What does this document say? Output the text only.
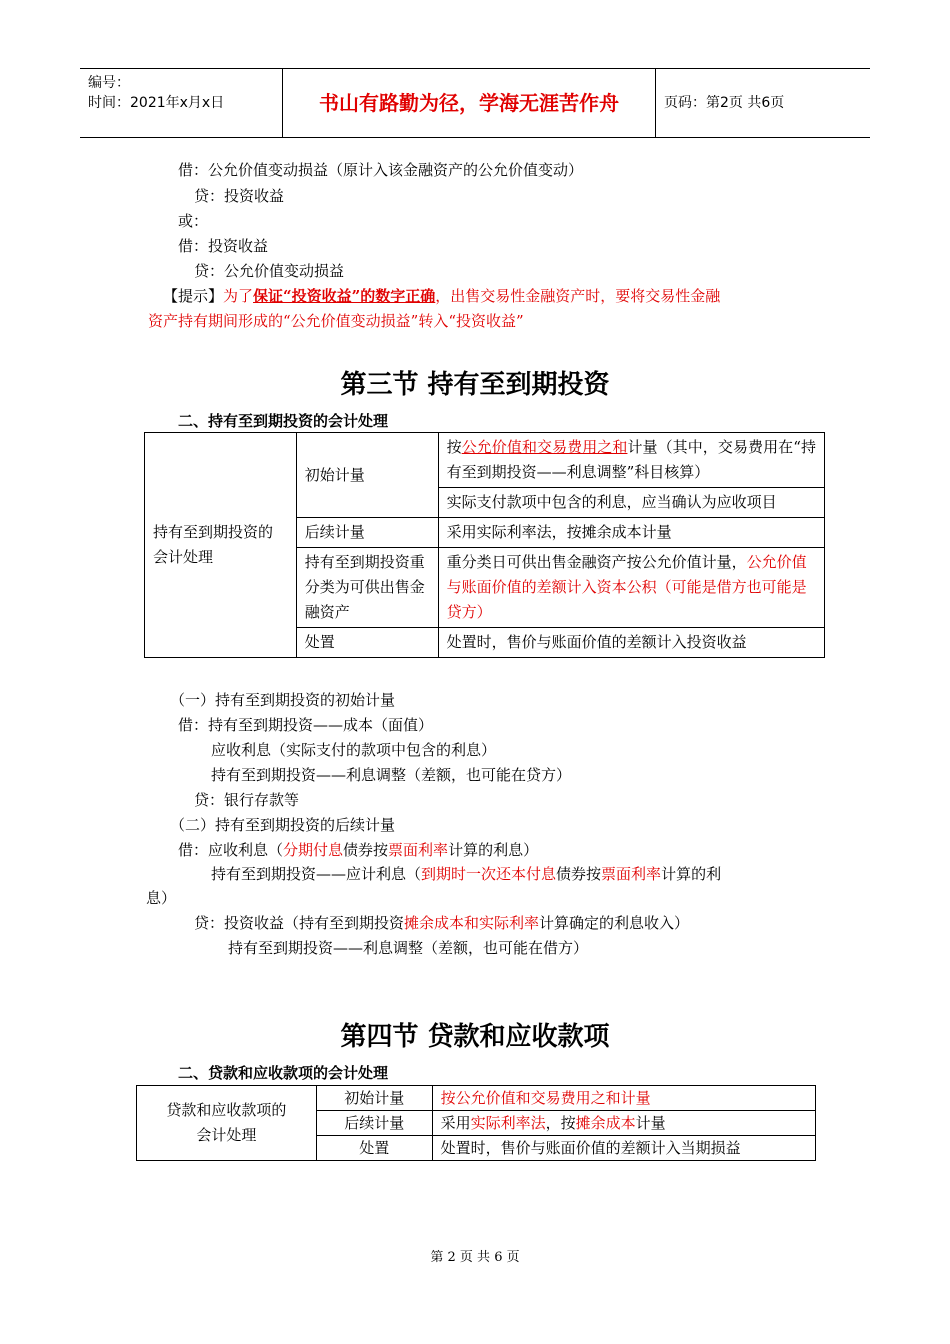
编号：
时间：2021年x月x日	书山有路勤为径，学海无涯苦作舟	页码：第2页 共6页
借：公允价值变动损益（原计入该金融资产的公允价值变动）
贷：投资收益
或：
借：投资收益
贷：公允价值变动损益
【提示】为了保证“投资收益”的数字正确，出售交易性金融资产时，要将交易性金融
资产持有期间形成的“公允价值变动损益”转入“投资收益”
第三节 持有至到期投资
二、持有至到期投资的会计处理
持有至到期投资的会计处理	初始计量	按公允价值和交易费用之和计量（其中，交易费用在“持有至到期投资——利息调整”科目核算）
		实际支付款项中包含的利息，应当确认为应收项目
	后续计量	采用实际利率法，按摊余成本计量
	持有至到期投资重分类为可供出售金融资产	重分类日可供出售金融资产按公允价值计量，公允价值与账面价值的差额计入资本公积（可能是借方也可能是贷方）
	处置	处置时，售价与账面价值的差额计入投资收益
（一）持有至到期投资的初始计量
借：持有至到期投资——成本（面值）
应收利息（实际支付的款项中包含的利息）
持有至到期投资——利息调整（差额，也可能在贷方）
贷：银行存款等
（二）持有至到期投资的后续计量
借：应收利息（分期付息债券按票面利率计算的利息）
持有至到期投资——应计利息（到期时一次还本付息债券按票面利率计算的利
息）
贷：投资收益（持有至到期投资摊余成本和实际利率计算确定的利息收入）
持有至到期投资——利息调整（差额，也可能在借方）
第四节 贷款和应收款项
二、贷款和应收款项的会计处理
贷款和应收款项的会计处理	初始计量	按公允价值和交易费用之和计量
	后续计量	采用实际利率法，按摊余成本计量
	处置	处置时，售价与账面价值的差额计入当期损益
第 2 页 共 6 页
